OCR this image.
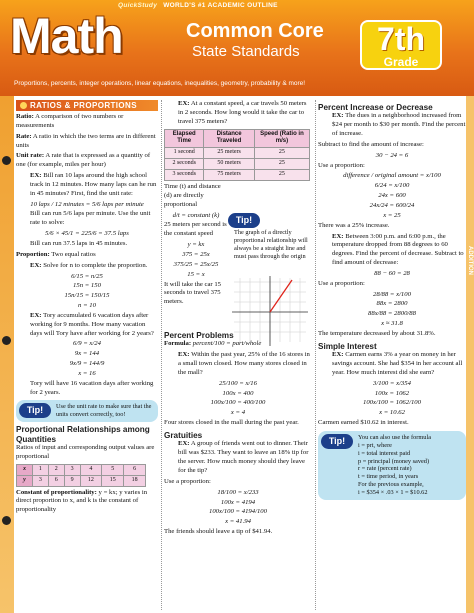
QuickStudy WORLD'S #1 ACADEMIC OUTLINE
Math	Common Core
State Standards	7th
Grade
Proportions, percents, integer operations, linear equations, inequalities, geometry, probability & more!
ADDITION
RATIOS & PROPORTIONS

Ratio: A comparison of two numbers or measurements

Rate: A ratio in which the two terms are in different units

Unit rate: A rate that is expressed as a quantity of one (for example, miles per hour)

EX: Bill ran 10 laps around the high school track in 12 minutes. How many laps can he run in 45 minutes? First, find the unit rate:

10 laps / 12 minutes = 5/6 laps per minute

Bill can run 5/6 laps per minute. Use the unit rate to solve:

5/6 × 45/1 = 225/6 = 37.5 laps

Bill can run 37.5 laps in 45 minutes.

Proportion: Two equal ratios

EX: Solve for n to complete the proportion.

6/15 = n/25

15n = 150

15n/15 = 150/15

n = 10

EX: Tory accumulated 6 vacation days after working for 9 months. How many vacation days will Tory have after working for 2 years?

6/9 = x/24

9x = 144

9x/9 = 144/9

x = 16

Tory will have 16 vacation days after working for 2 years.

Tip!	Use the unit rate to make sure that the units convert correctly, too!
Proportional Relationships among Quantities

Ratios of input and corresponding output values are proportional

x	1	2	3	4	5	6
y	3	6	9	12	15	18

Constant of proportionality: y = kx; y varies in direct proportion to x, and k is the constant of proportionality

EX: At a constant speed, a car travels 50 meters in 2 seconds. How long would it take the car to travel 375 meters?

Elapsed Time	Distance Traveled	Speed (Ratio in m/s)
1 second	25 meters	25
2 seconds	50 meters	25
3 seconds	75 meters	25

Time (t) and distance (d) are directly proportional

d/t = constant (k)

25 meters per second is the constant speed

y = kx

375 = 25x

375/25 = 25x/25

15 = x

It will take the car 15 seconds to travel 375 meters.

Tip!
The graph of a directly proportional relationship will always be a straight line and must pass through the origin
Percent Problems

Formula: percent/100 = part/whole

EX: Within the past year, 25% of the 16 stores in a small town closed. How many stores closed in the mall?

25/100 = x/16

100x = 400

100x/100 = 400/100

x = 4

Four stores closed in the mall during the past year.

Gratuities

EX: A group of friends went out to dinner. Their bill was $233. They want to leave an 18% tip for the server. How much money should they leave for the tip?

Use a proportion:

18/100 = x/233

100x = 4194

100x/100 = 4194/100

x = 41.94

The friends should leave a tip of $41.94.

Percent Increase or Decrease

EX: The dues in a neighborhood increased from $24 per month to $30 per month. Find the percent of increase.

Subtract to find the amount of increase:

30 − 24 = 6

Use a proportion:

difference / original amount = x/100

6/24 = x/100

24x = 600

24x/24 = 600/24

x = 25

There was a 25% increase.

EX: Between 3:00 p.m. and 6:00 p.m., the temperature dropped from 88 degrees to 60 degrees. Find the percent of decrease. Subtract to find amount of decrease:

88 − 60 = 28

Use a proportion:

28/88 = x/100

88x = 2800

88x/88 = 2800/88

x ≈ 31.8

The temperature decreased by about 31.8%.

Simple Interest

EX: Carmen earns 3% a year on money in her savings account. She had $354 in her account all year. How much interest did she earn?

3/100 = x/354

100x = 1062

100x/100 = 1062/100

x = 10.62

Carmen earned $10.62 in interest.

Tip!	You can also use the formula
i = prt, where
i = total interest paid
p = principal (money saved)
r = rate (percent rate)
t = time period, in years
For the previous example,
i = $354 × .03 × 1 = $10.62
